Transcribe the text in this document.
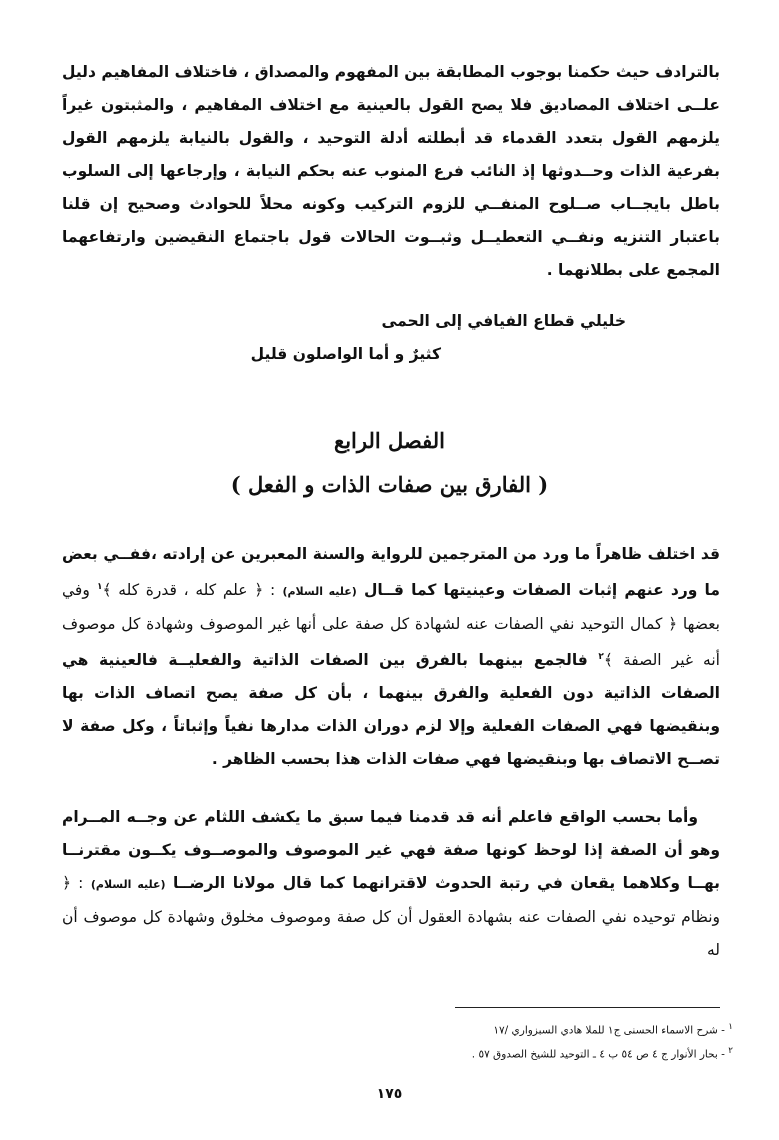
بالترادف حيث حكمنا بوجوب المطابقة بين المفهوم والمصداق ، فاختلاف المفاهيم دليل علــى اختلاف المصاديق فلا يصح القول بالعينية مع اختلاف المفاهيم ، والمثبتون غيراً يلزمهم القول بتعدد القدماء قد أبطلته أدلة التوحيد ، والقول بالنيابة يلزمهم القول بفرعية الذات وحــدوثها إذ النائب فرع المنوب عنه بحكم النيابة ، وإرجاعها إلى السلوب باطل بايجــاب صــلوح المنفــي للزوم التركيب وكونه محلاً للحوادث وصحيح إن قلنا باعتبار التنزيه ونفــي التعطيــل وثبــوت الحالات قول باجتماع النقيضين وارتفاعهما المجمع على بطلانهما .

خليلي قطاع الفيافي إلى الحمى
كثيرٌ و أما الواصلون قليل
الفصل الرابع
( الفارق بين صفات الذات و الفعل )

قد اختلف ظاهراً ما ورد من المترجمين للرواية والسنة المعبرين عن إرادته ،ففــي بعض ما ورد عنهم إثبات الصفات وعينيتها كما قــال (عليه السلام) : ﴿ علم كله ، قدرة كله ﴾$^١$ وفي بعضها ﴿ كمال التوحيد نفي الصفات عنه لشهادة كل صفة على أنها غير الموصوف وشهادة كل موصوف أنه غير الصفة ﴾$^٢$ فالجمع بينهما بالفرق بين الصفات الذاتية والفعليــة فالعينية هي الصفات الذاتية دون الفعلية والفرق بينهما ، بأن كل صفة يصح اتصاف الذات بها وبنقيضها فهي الصفات الفعلية وإلا لزم دوران الذات مدارها نفياً وإثباتاً ، وكل صفة لا تصــح الاتصاف بها وبنقيضها فهي صفات الذات هذا بحسب الظاهر .

وأما بحسب الواقع فاعلم أنه قد قدمنا فيما سبق ما يكشف اللثام عن وجــه المــرام وهو أن الصفة إذا لوحظ كونها صفة فهي غير الموصوف والموصــوف يكــون مقترنــا بهــا وكلاهما يقعان في رتبة الحدوث لاقترانهما كما قال مولانا الرضــا (عليه السلام) : ﴿ ونظام توحيده نفي الصفات عنه بشهادة العقول أن كل صفة وموصوف مخلوق وشهادة كل موصوف أن له

$^١$ - شرح الاسماء الحسنى ج١ للملا هادي السبزواري /١٧
$^٢$ - بحار الأنوار ج ٤ ص ٥٤ ب ٤ ـ التوحيد للشيخ الصدوق ٥٧ .
١٧٥
